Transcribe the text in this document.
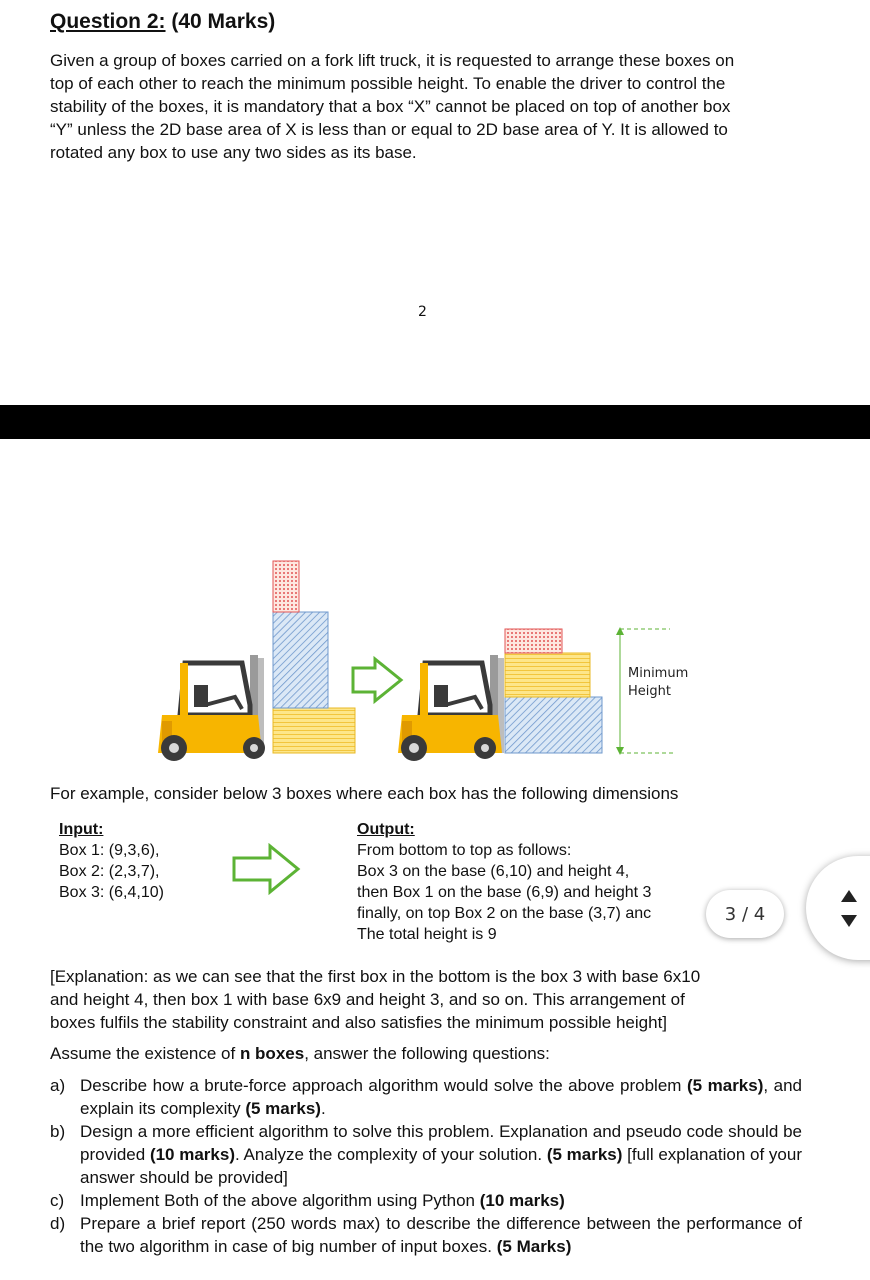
Question 2: (40 Marks)
Given a group of boxes carried on a fork lift truck, it is requested to arrange these boxes on
top of each other to reach the minimum possible height. To enable the driver to control the
stability of the boxes, it is mandatory that a box “X” cannot be placed on top of another box
“Y” unless the 2D base area of X is less than or equal to 2D base area of Y. It is allowed to
rotated any box to use any two sides as its base.
2
Minimum
Height
For example, consider below 3 boxes where each box has the following dimensions
Input:
Box 1: (9,3,6),
Box 2: (2,3,7),
Box 3: (6,4,10)
Output:
From bottom to top as follows:
Box 3 on the base (6,10) and height 4,
then Box 1 on the base (6,9) and height 3
finally, on top Box 2 on the base (3,7) anc
The total height is 9
3 / 4
[Explanation: as we can see that the first box in the bottom is the box 3 with base 6x10
and height 4, then box 1 with base 6x9 and height 3, and so on. This arrangement of
boxes fulfils the stability constraint and also satisfies the minimum possible height]
Assume the existence of n boxes, answer the following questions:
a) Describe how a brute-force approach algorithm would solve the above problem (5 marks), and explain its complexity (5 marks).
b) Design a more efficient algorithm to solve this problem. Explanation and pseudo code should be provided (10 marks). Analyze the complexity of your solution. (5 marks) [full explanation of your answer should be provided]
c) Implement Both of the above algorithm using Python (10 marks)
d) Prepare a brief report (250 words max) to describe the difference between the performance of the two algorithm in case of big number of input boxes. (5 Marks)
